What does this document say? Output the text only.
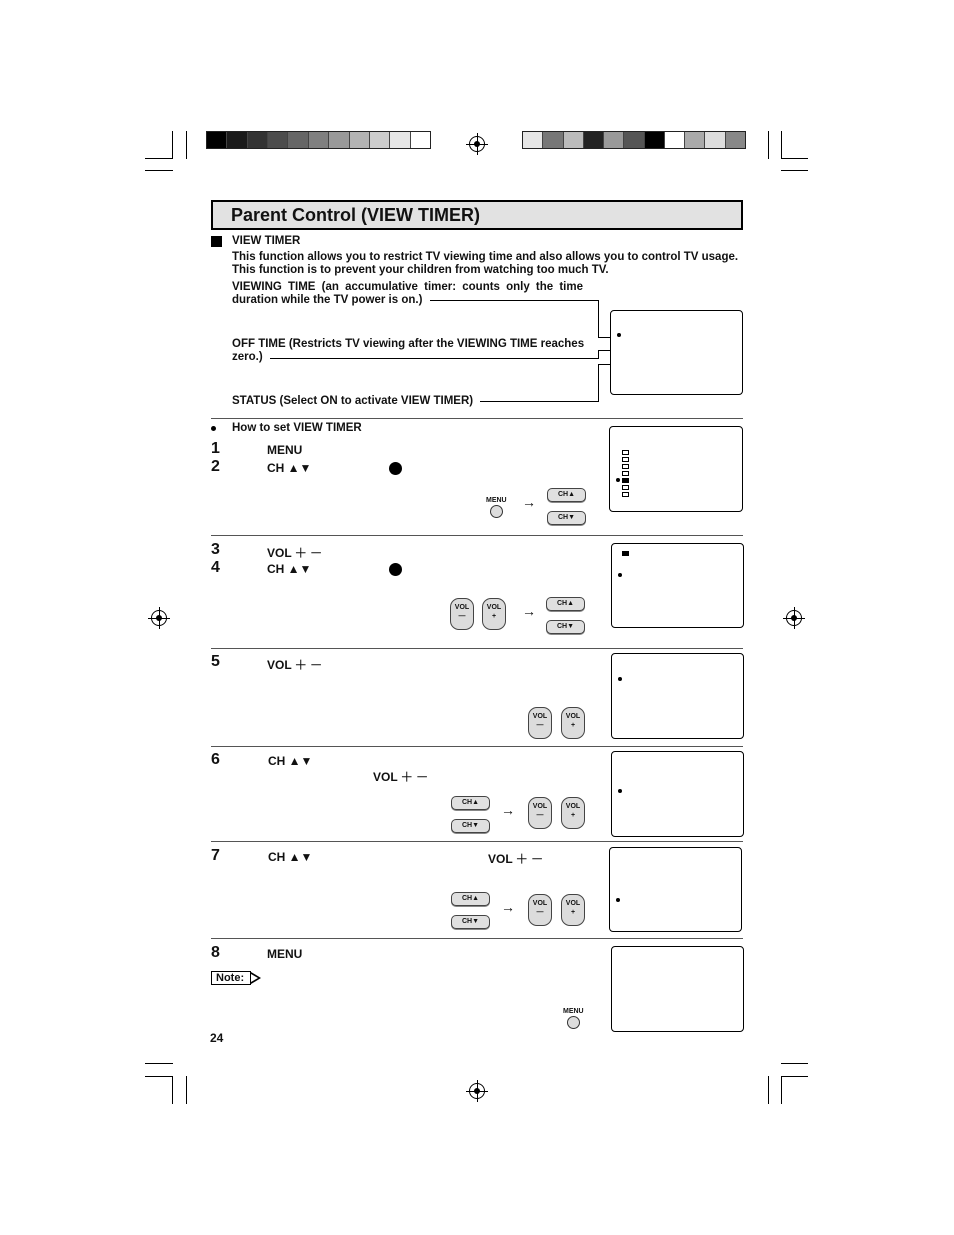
Parent Control (VIEW TIMER)
VIEW TIMER
This function allows you to restrict TV viewing time and also allows you to control TV usage.
This function is to prevent your children from watching too much TV.
VIEWING TIME (an accumulative timer: counts only the time
duration while the TV power is on.)
OFF TIME (Restricts TV viewing after the VIEWING TIME reaches
zero.)
STATUS (Select ON to activate VIEW TIMER)
How to set VIEW TIMER
1	MENU
2	CH ▲▼
MENU →	CH▲
CH▼
3	VOL ＋ －
4	CH ▲▼
VOL
—
VOL
+	→	CH▲
CH▼
5	VOL ＋ －
VOL
—
VOL
+
6	CH ▲▼
VOL ＋ －
CH▲
CH▼
→	VOL
—
VOL
+
7	CH ▲▼	VOL ＋ －
CH▲
CH▼
→	VOL
—
VOL
+
8	MENU
Note:
MENU
24
